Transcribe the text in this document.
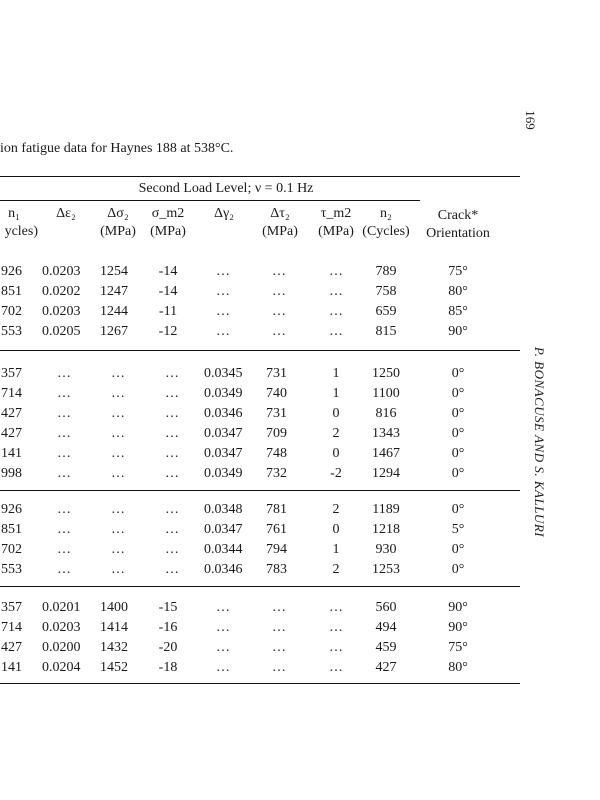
169
P. BONACUSE AND S. KALLURI
ion fatigue data for Haynes 188 at 538°C.
Second Load Level; ν = 0.1 Hz
n₁	Δε₂ Δσ₂ σ_m2 Δγ₂	Δτ₂ τ_m2 n₂	Crack*
ycles)	(MPa) (MPa)	(MPa) (MPa) (Cycles) Orientation
926 0.0203 1254 -14	…	…	… 789	75°
851 0.0202 1247 -14	…	…	… 758	80°
702 0.0203 1244 -11	…	…	… 659	85°
553 0.0205 1267 -12	…	…	… 815	90°
357	…	…	… 0.0345 731	1 1250	0°
714	…	…	… 0.0349 740	1 1100	0°
427	…	…	… 0.0346 731	0	816	0°
427	…	…	… 0.0347 709	2 1343	0°
141	…	…	… 0.0347 748	0 1467	0°
998	…	…	… 0.0349 732	-2 1294	0°
926	…	…	… 0.0348 781	2 1189	0°
851	…	…	… 0.0347 761	0 1218	5°
702	…	…	… 0.0344 794	1	930	0°
553	…	…	… 0.0346 783	2 1253	0°
357 0.0201 1400 -15	…	…	… 560	90°
714 0.0203 1414 -16	…	…	… 494	90°
427 0.0200 1432 -20	…	…	… 459	75°
141 0.0204 1452 -18	…	…	… 427	80°
